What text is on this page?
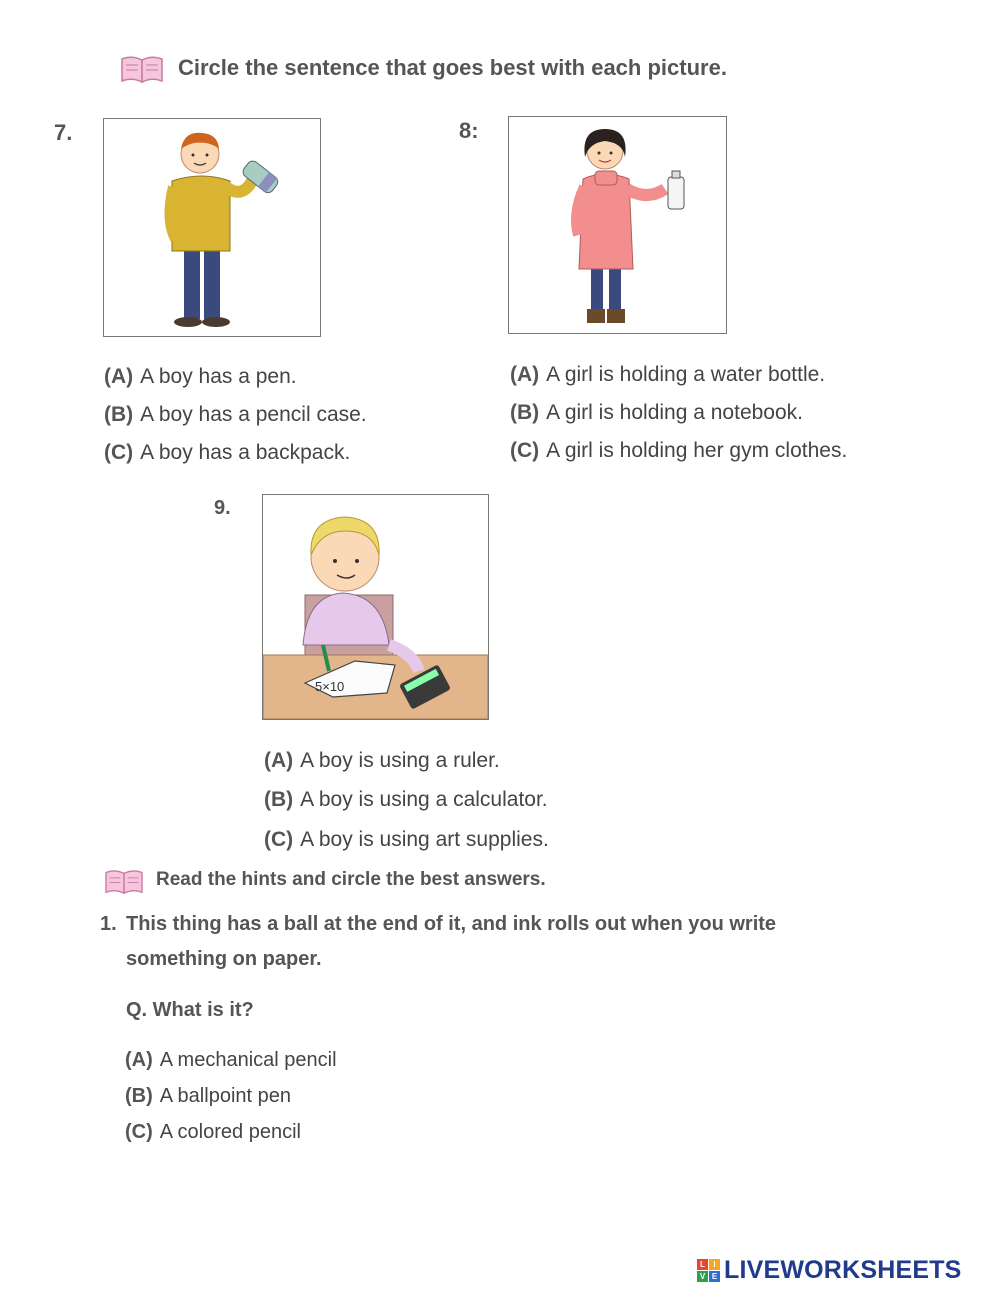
Circle the sentence that goes best with each picture.
7.
(A) A boy has a pen.
(B) A boy has a pencil case.
(C) A boy has a backpack.
8:
(A) A girl is holding a water bottle.
(B) A girl is holding a notebook.
(C) A girl is holding her gym clothes.
9.
5×10
(A) A boy is using a ruler.
(B) A boy is using a calculator.
(C) A boy is using art supplies.
Read the hints and circle the best answers.
1. This thing has a ball at the end of it, and ink rolls out when you write
something on paper.
Q. What is it?
(A) A mechanical pencil
(B) A ballpoint pen
(C) A colored pencil
L	I
V E LIVEWORKSHEETS
